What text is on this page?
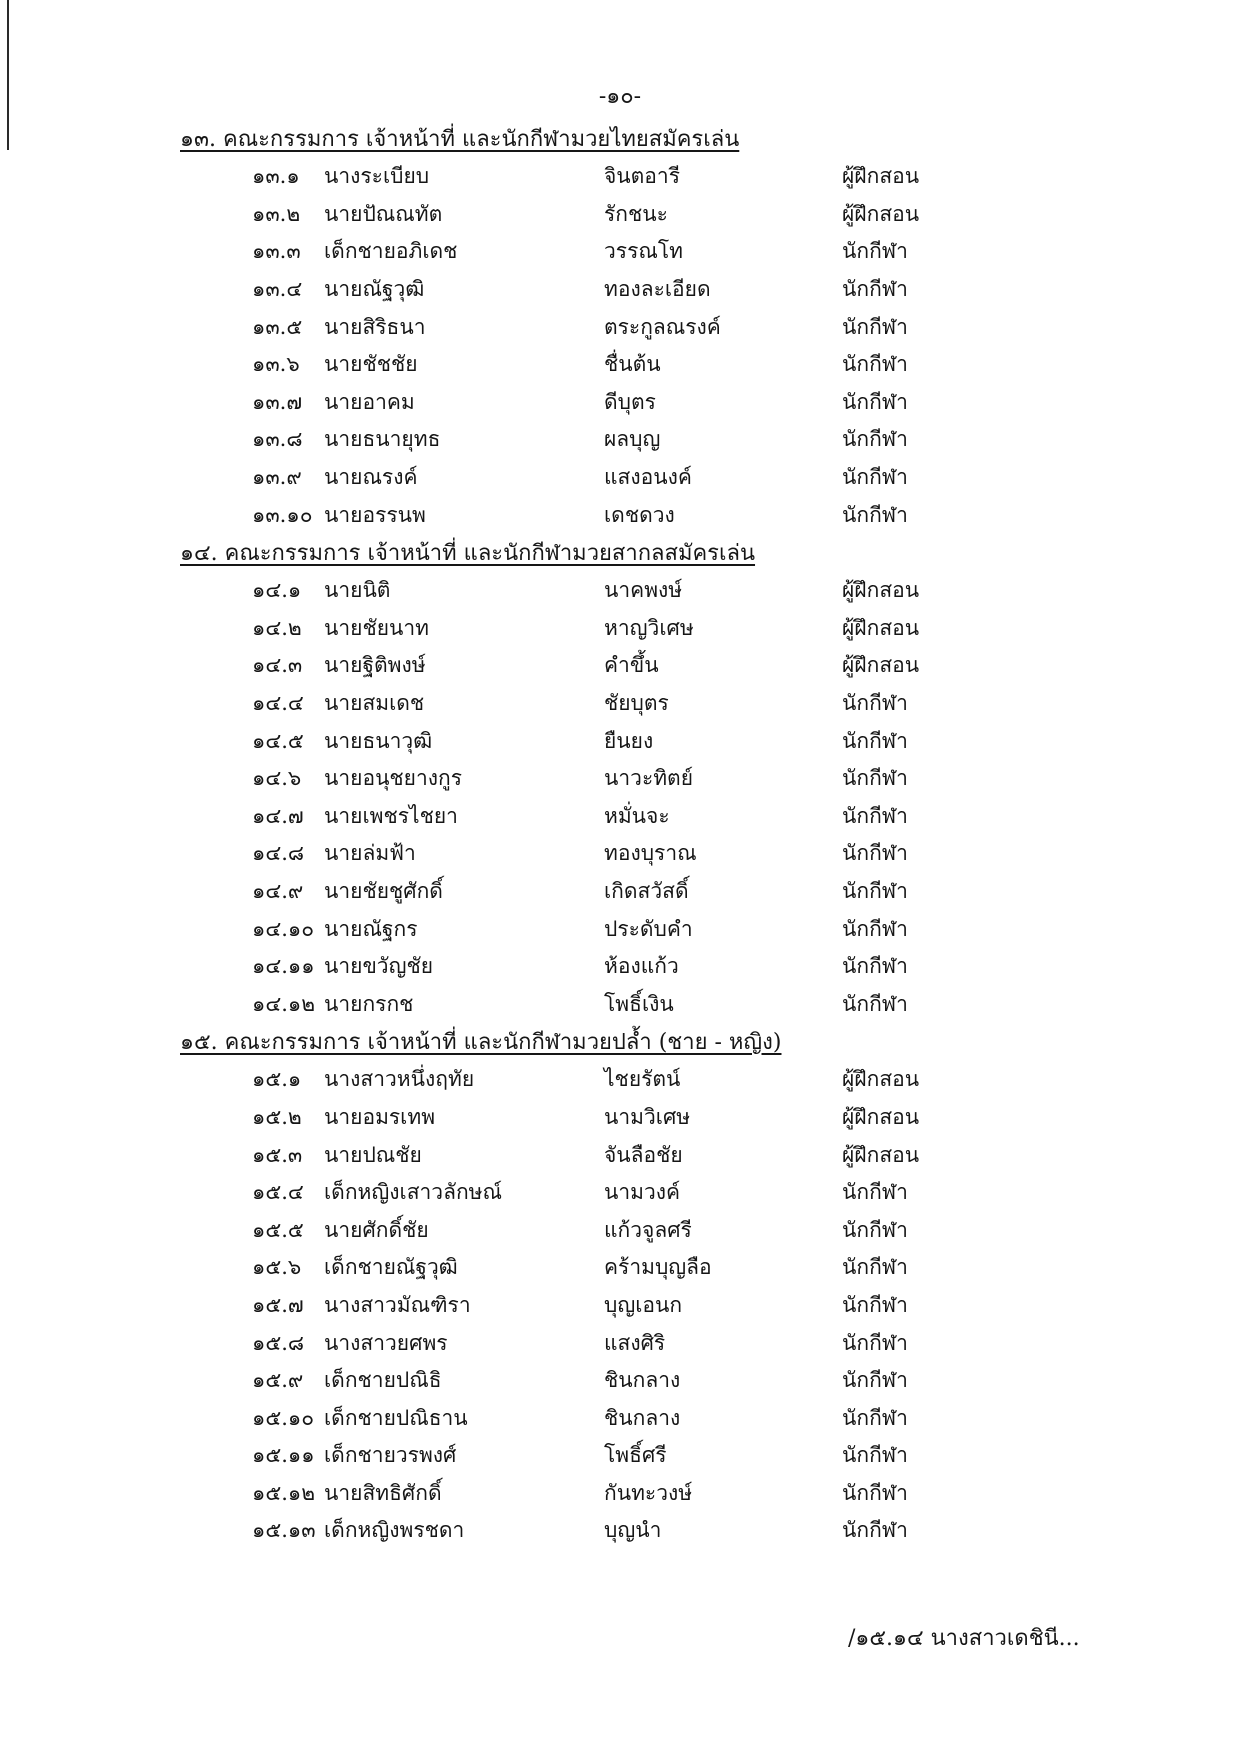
-๑๐-
๑๓. คณะกรรมการ เจ้าหน้าที่ และนักกีฬามวยไทยสมัครเล่น
๑๓.๑	นางระเบียบ	จินตอารี	ผู้ฝึกสอน
๑๓.๒	นายปัณณทัต	รักชนะ	ผู้ฝึกสอน
๑๓.๓	เด็กชายอภิเดช	วรรณโท	นักกีฬา
๑๓.๔	นายณัฐวุฒิ	ทองละเอียด	นักกีฬา
๑๓.๕	นายสิริธนา	ตระกูลณรงค์	นักกีฬา
๑๓.๖	นายชัชชัย	ชื่นต้น	นักกีฬา
๑๓.๗	นายอาคม	ดีบุตร	นักกีฬา
๑๓.๘	นายธนายุทธ	ผลบุญ	นักกีฬา
๑๓.๙	นายณรงค์	แสงอนงค์	นักกีฬา
๑๓.๑๐ นายอรรนพ	เดชดวง	นักกีฬา
๑๔. คณะกรรมการ เจ้าหน้าที่ และนักกีฬามวยสากลสมัครเล่น
๑๔.๑	นายนิติ	นาคพงษ์	ผู้ฝึกสอน
๑๔.๒	นายชัยนาท	หาญวิเศษ	ผู้ฝึกสอน
๑๔.๓	นายฐิติพงษ์	คำขึ้น	ผู้ฝึกสอน
๑๔.๔ นายสมเดช	ชัยบุตร	นักกีฬา
๑๔.๕ นายธนาวุฒิ	ยืนยง	นักกีฬา
๑๔.๖	นายอนุชยางกูร	นาวะทิตย์	นักกีฬา
๑๔.๗ นายเพชรไชยา	หมั่นจะ	นักกีฬา
๑๔.๘ นายล่มฟ้า	ทองบุราณ	นักกีฬา
๑๔.๙ นายชัยชูศักดิ์	เกิดสวัสดิ์	นักกีฬา
๑๔.๑๐ นายณัฐกร	ประดับคำ	นักกีฬา
๑๔.๑๑ นายขวัญชัย	ห้องแก้ว	นักกีฬา
๑๔.๑๒ นายกรกช	โพธิ์เงิน	นักกีฬา
๑๕. คณะกรรมการ เจ้าหน้าที่ และนักกีฬามวยปล้ำ (ชาย - หญิง)
๑๕.๑	นางสาวหนึ่งฤทัย	ไชยรัตน์	ผู้ฝึกสอน
๑๕.๒	นายอมรเทพ	นามวิเศษ	ผู้ฝึกสอน
๑๕.๓	นายปณชัย	จันลือชัย	ผู้ฝึกสอน
๑๕.๔ เด็กหญิงเสาวลักษณ์	นามวงค์	นักกีฬา
๑๕.๕ นายศักดิ์ชัย	แก้วจูลศรี	นักกีฬา
๑๕.๖	เด็กชายณัฐวุฒิ	คร้ามบุญลือ	นักกีฬา
๑๕.๗ นางสาวมัณฑิรา	บุญเอนก	นักกีฬา
๑๕.๘ นางสาวยศพร	แสงศิริ	นักกีฬา
๑๕.๙ เด็กชายปณิธิ	ชินกลาง	นักกีฬา
๑๕.๑๐ เด็กชายปณิธาน	ชินกลาง	นักกีฬา
๑๕.๑๑ เด็กชายวรพงศ์	โพธิ์ศรี	นักกีฬา
๑๕.๑๒ นายสิทธิศักดิ์	กันทะวงษ์	นักกีฬา
๑๕.๑๓ เด็กหญิงพรชดา	บุญนำ	นักกีฬา
/๑๕.๑๔ นางสาวเดชินี...
